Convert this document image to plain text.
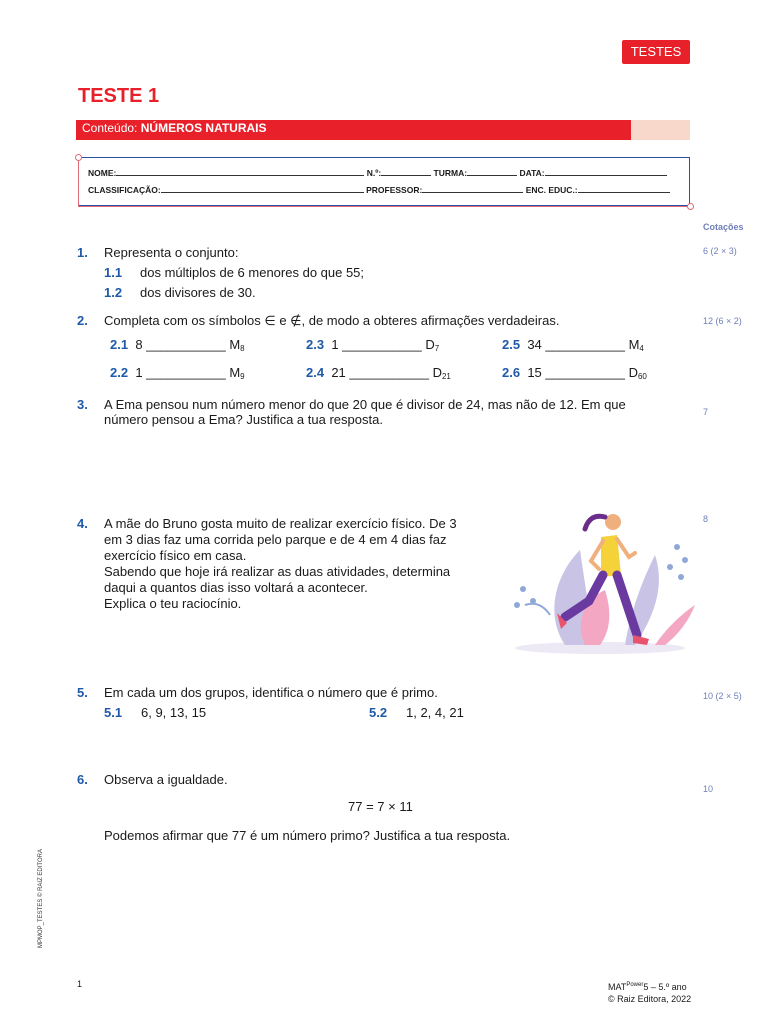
TESTES
TESTE 1
Conteúdo: NÚMEROS NATURAIS
NOME:	N.º:	TURMA:	DATA:
CLASSIFICAÇÃO:	PROFESSOR:	ENC. EDUC.:
Cotações
6 (2 × 3)
12 (6 × 2)
7
8
10 (2 × 5)
10
1. Representa o conjunto:
1.1 dos múltiplos de 6 menores do que 55;
1.2 dos divisores de 30.
2. Completa com os símbolos ∈ e ∉, de modo a obteres afirmações verdadeiras.
2.1 8 ___________ $M_8$	2.3 1 ___________ $D_7$	2.5 34 ___________ $M_4$
2.2 1 ___________ $M_9$	2.4 21 ___________ $D_{21}$	2.6 15 ___________ $D_{60}$
3. A Ema pensou num número menor do que 20 que é divisor de 24, mas não de 12. Em que
número pensou a Ema? Justifica a tua resposta.
4. A mãe do Bruno gosta muito de realizar exercício físico. De 3
em 3 dias faz uma corrida pelo parque e de 4 em 4 dias faz
exercício físico em casa.
Sabendo que hoje irá realizar as duas atividades, determina
daqui a quantos dias isso voltará a acontecer.
Explica o teu raciocínio.
5. Em cada um dos grupos, identifica o número que é primo.
5.1 6, 9, 13, 15	5.2 1, 2, 4, 21
6. Observa a igualdade.
77 = 7 × 11
Podemos afirmar que 77 é um número primo? Justifica a tua resposta.
MPMOP_TESTES © RAIZ EDITORA
1	$MAT^{Power}5$ – 5.º ano
© Raiz Editora, 2022
